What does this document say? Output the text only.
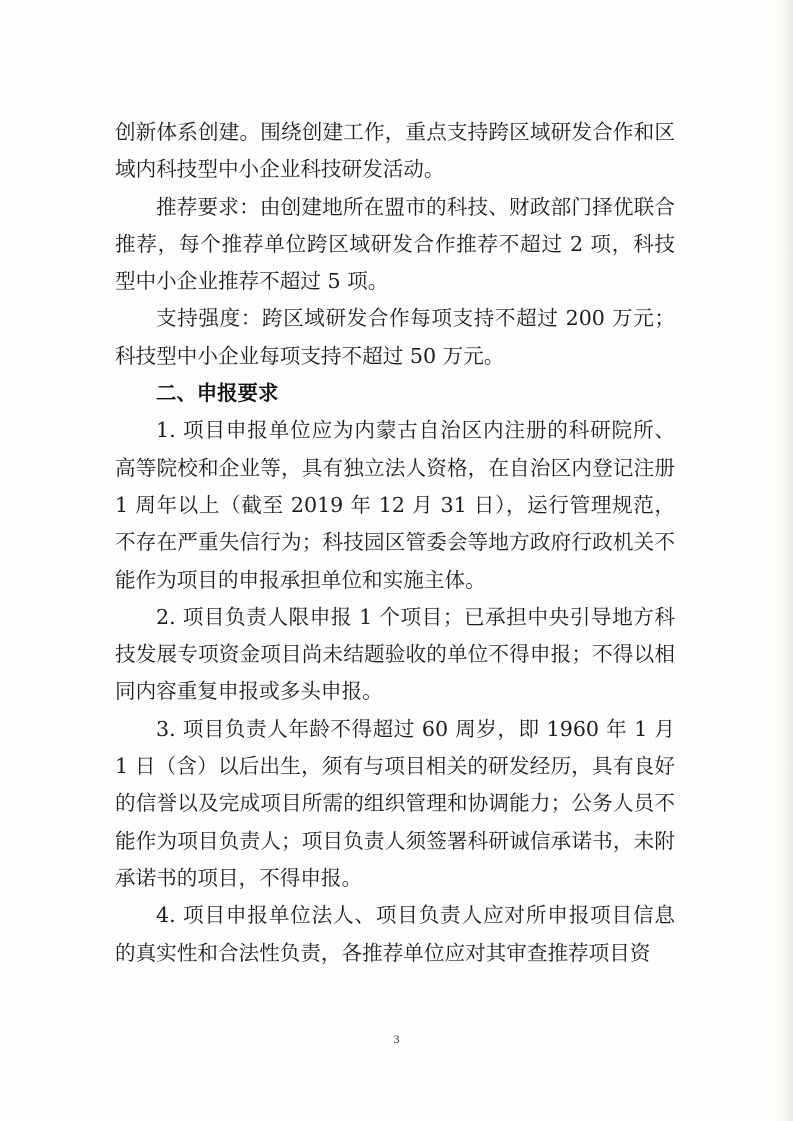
创新体系创建。围绕创建工作，重点支持跨区域研发合作和区域内科技型中小企业科技研发活动。

推荐要求：由创建地所在盟市的科技、财政部门择优联合推荐，每个推荐单位跨区域研发合作推荐不超过 2 项，科技型中小企业推荐不超过 5 项。

支持强度：跨区域研发合作每项支持不超过 200 万元；科技型中小企业每项支持不超过 50 万元。

二、申报要求

1. 项目申报单位应为内蒙古自治区内注册的科研院所、高等院校和企业等，具有独立法人资格，在自治区内登记注册 1 周年以上（截至 2019 年 12 月 31 日），运行管理规范，不存在严重失信行为；科技园区管委会等地方政府行政机关不能作为项目的申报承担单位和实施主体。

2. 项目负责人限申报 1 个项目；已承担中央引导地方科技发展专项资金项目尚未结题验收的单位不得申报；不得以相同内容重复申报或多头申报。

3. 项目负责人年龄不得超过 60 周岁，即 1960 年 1 月 1 日（含）以后出生，须有与项目相关的研发经历，具有良好的信誉以及完成项目所需的组织管理和协调能力；公务人员不能作为项目负责人；项目负责人须签署科研诚信承诺书，未附承诺书的项目，不得申报。

4. 项目申报单位法人、项目负责人应对所申报项目信息的真实性和合法性负责，各推荐单位应对其审查推荐项目资

3
